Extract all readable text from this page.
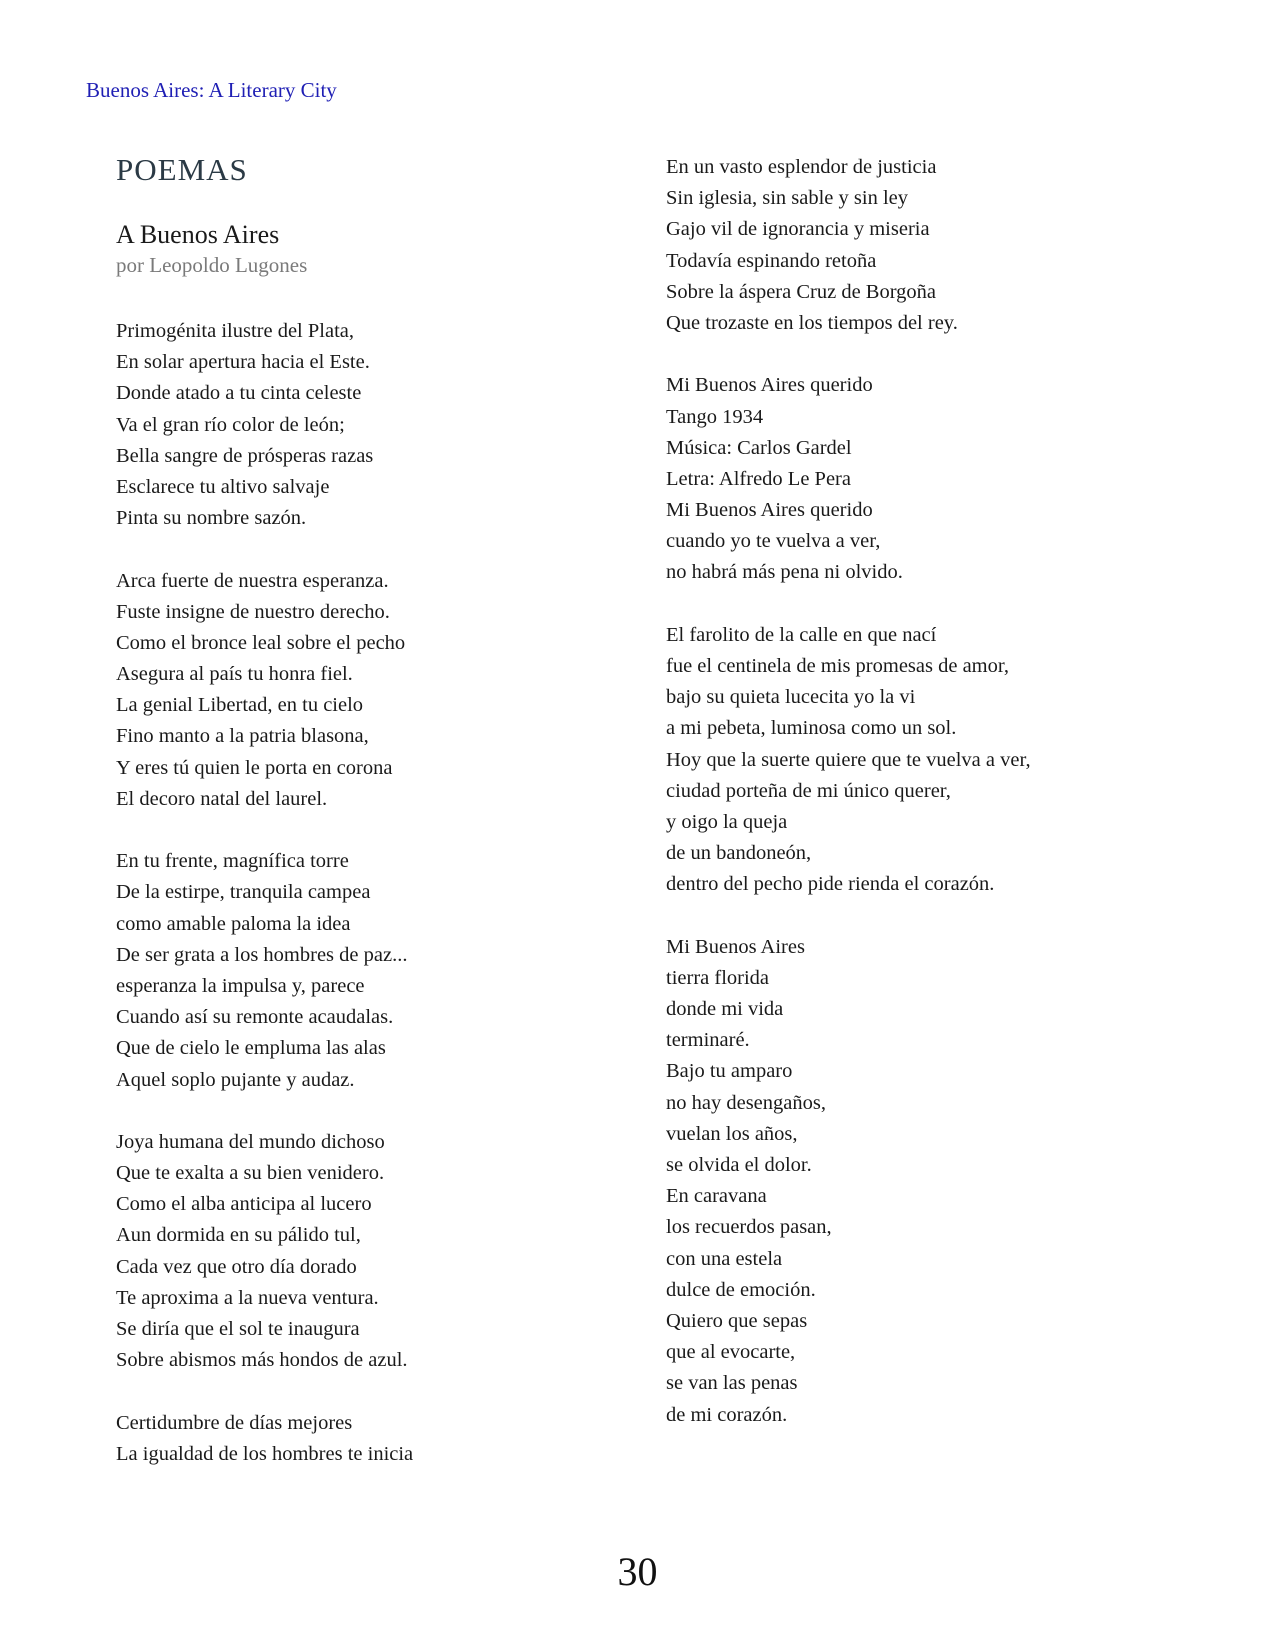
Buenos Aires: A Literary City
POEMAS
A Buenos Aires
por Leopoldo Lugones
Primogénita ilustre del Plata,
En solar apertura hacia el Este.
Donde atado a tu cinta celeste
Va el gran río color de león;
Bella sangre de prósperas razas
Esclarece tu altivo salvaje
Pinta su nombre sazón.
Arca fuerte de nuestra esperanza.
Fuste insigne de nuestro derecho.
Como el bronce leal sobre el pecho
Asegura al país tu honra fiel.
La genial Libertad, en tu cielo
Fino manto a la patria blasona,
Y eres tú quien le porta en corona
El decoro natal del laurel.
En tu frente, magnífica torre
De la estirpe, tranquila campea
como amable paloma la idea
De ser grata a los hombres de paz...
esperanza la impulsa y, parece
Cuando así su remonte acaudalas.
Que de cielo le empluma las alas
Aquel soplo pujante y audaz.
Joya humana del mundo dichoso
Que te exalta a su bien venidero.
Como el alba anticipa al lucero
Aun dormida en su pálido tul,
Cada vez que otro día dorado
Te aproxima a la nueva ventura.
Se diría que el sol te inaugura
Sobre abismos más hondos de azul.
Certidumbre de días mejores
La igualdad de los hombres te inicia
En un vasto esplendor de justicia
Sin iglesia, sin sable y sin ley
Gajo vil de ignorancia y miseria
Todavía espinando retoña
Sobre la áspera Cruz de Borgoña
Que trozaste en los tiempos del rey.
Mi Buenos Aires querido
Tango 1934
Música: Carlos Gardel
Letra: Alfredo Le Pera
Mi Buenos Aires querido
cuando yo te vuelva a ver,
no habrá más pena ni olvido.
El farolito de la calle en que nací
fue el centinela de mis promesas de amor,
bajo su quieta lucecita yo la vi
a mi pebeta, luminosa como un sol.
Hoy que la suerte quiere que te vuelva a ver,
ciudad porteña de mi único querer,
y oigo la queja
de un bandoneón,
dentro del pecho pide rienda el corazón.
Mi Buenos Aires
tierra florida
donde mi vida
terminaré.
Bajo tu amparo
no hay desengaños,
vuelan los años,
se olvida el dolor.
En caravana
los recuerdos pasan,
con una estela
dulce de emoción.
Quiero que sepas
que al evocarte,
se van las penas
de mi corazón.
30
